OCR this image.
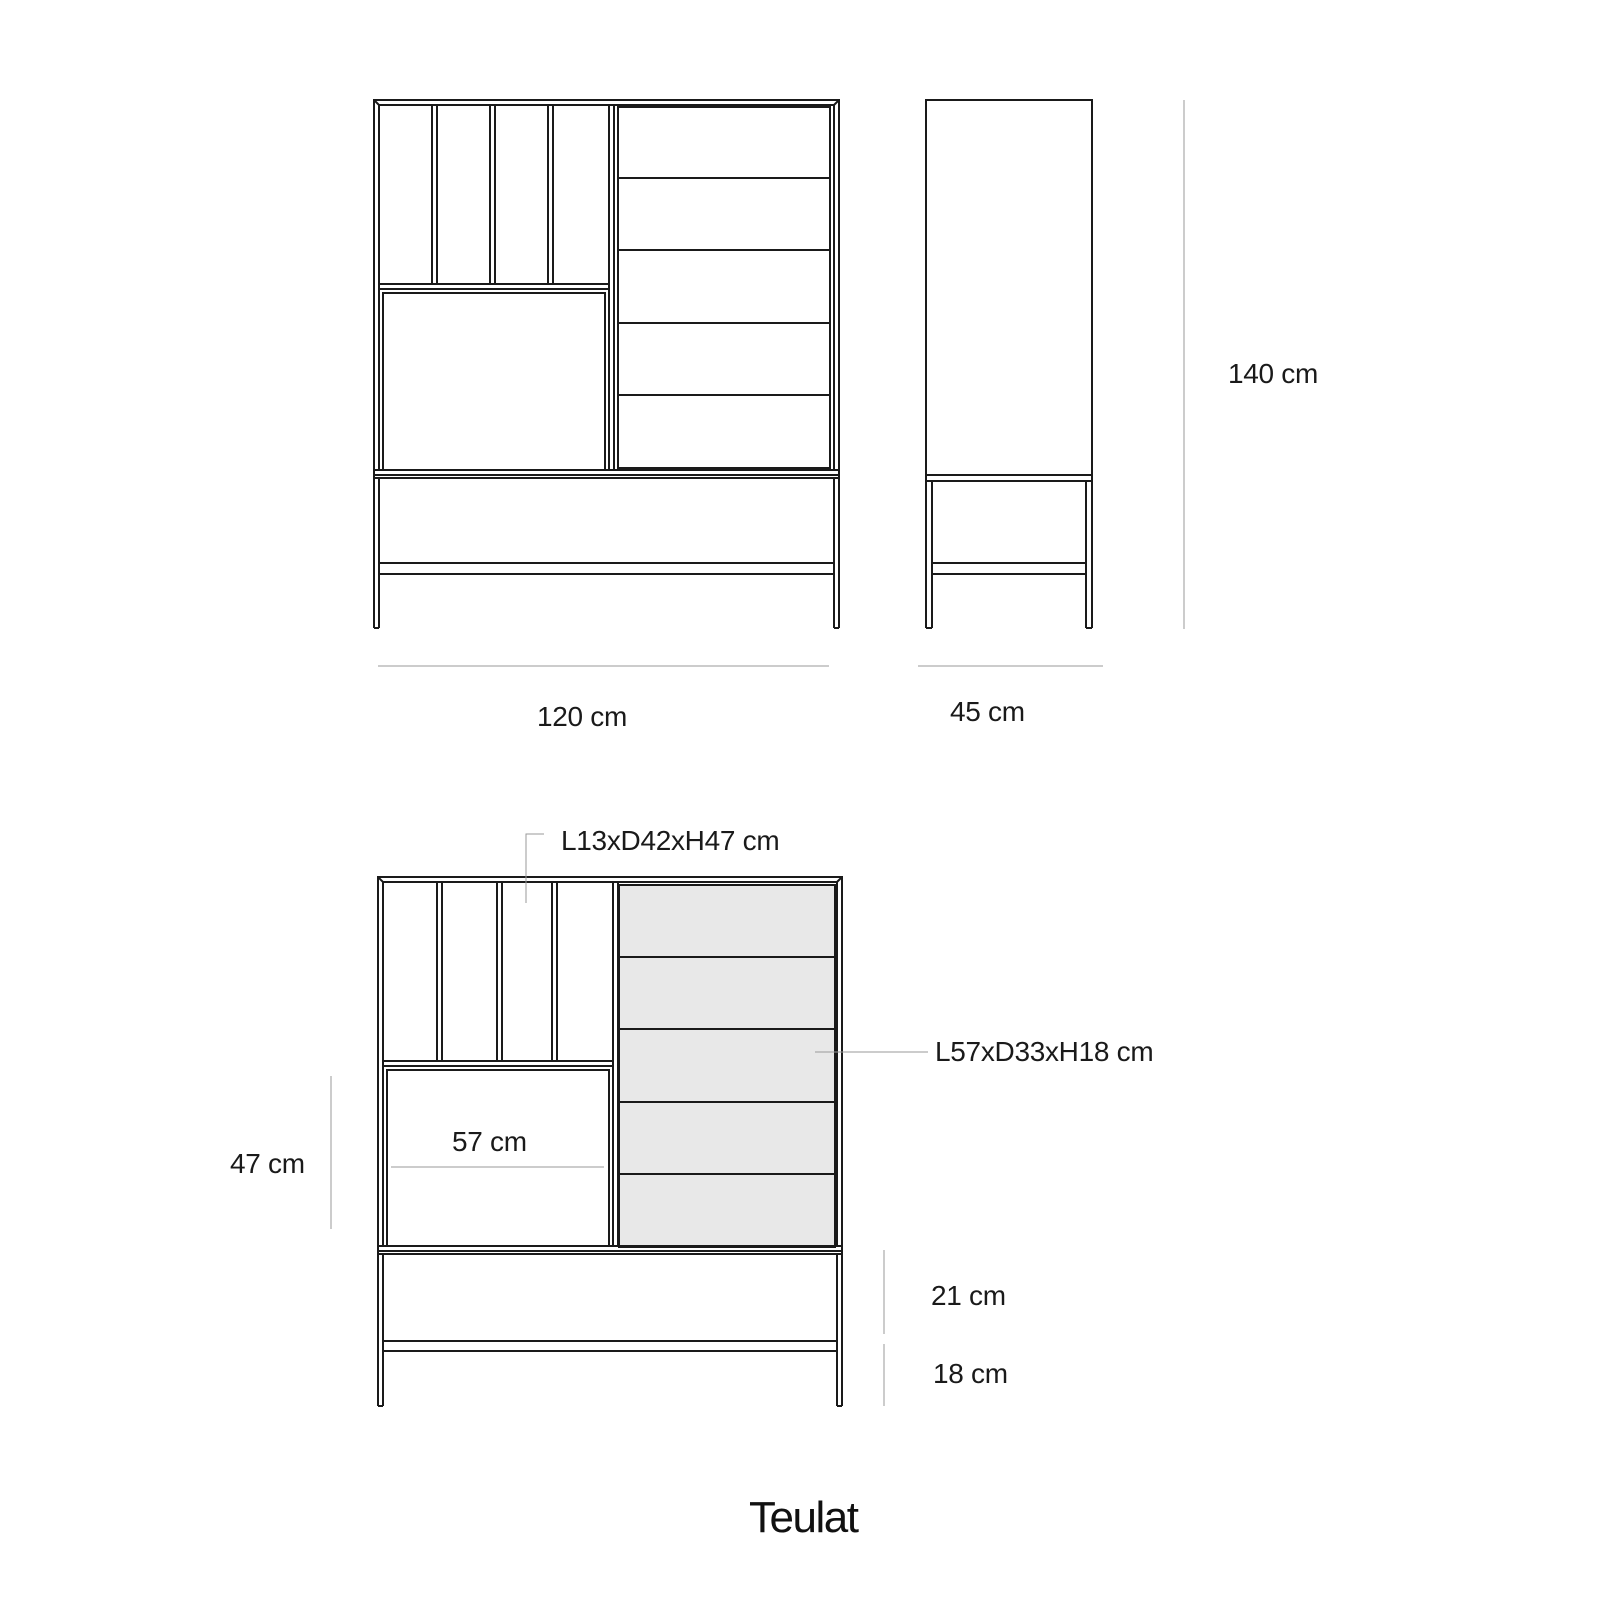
120 cm	45 cm
140 cm
L13xD42xH47 cm
L57xD33xH18 cm
47 cm
57 cm
21 cm
18 cm
Teulat
